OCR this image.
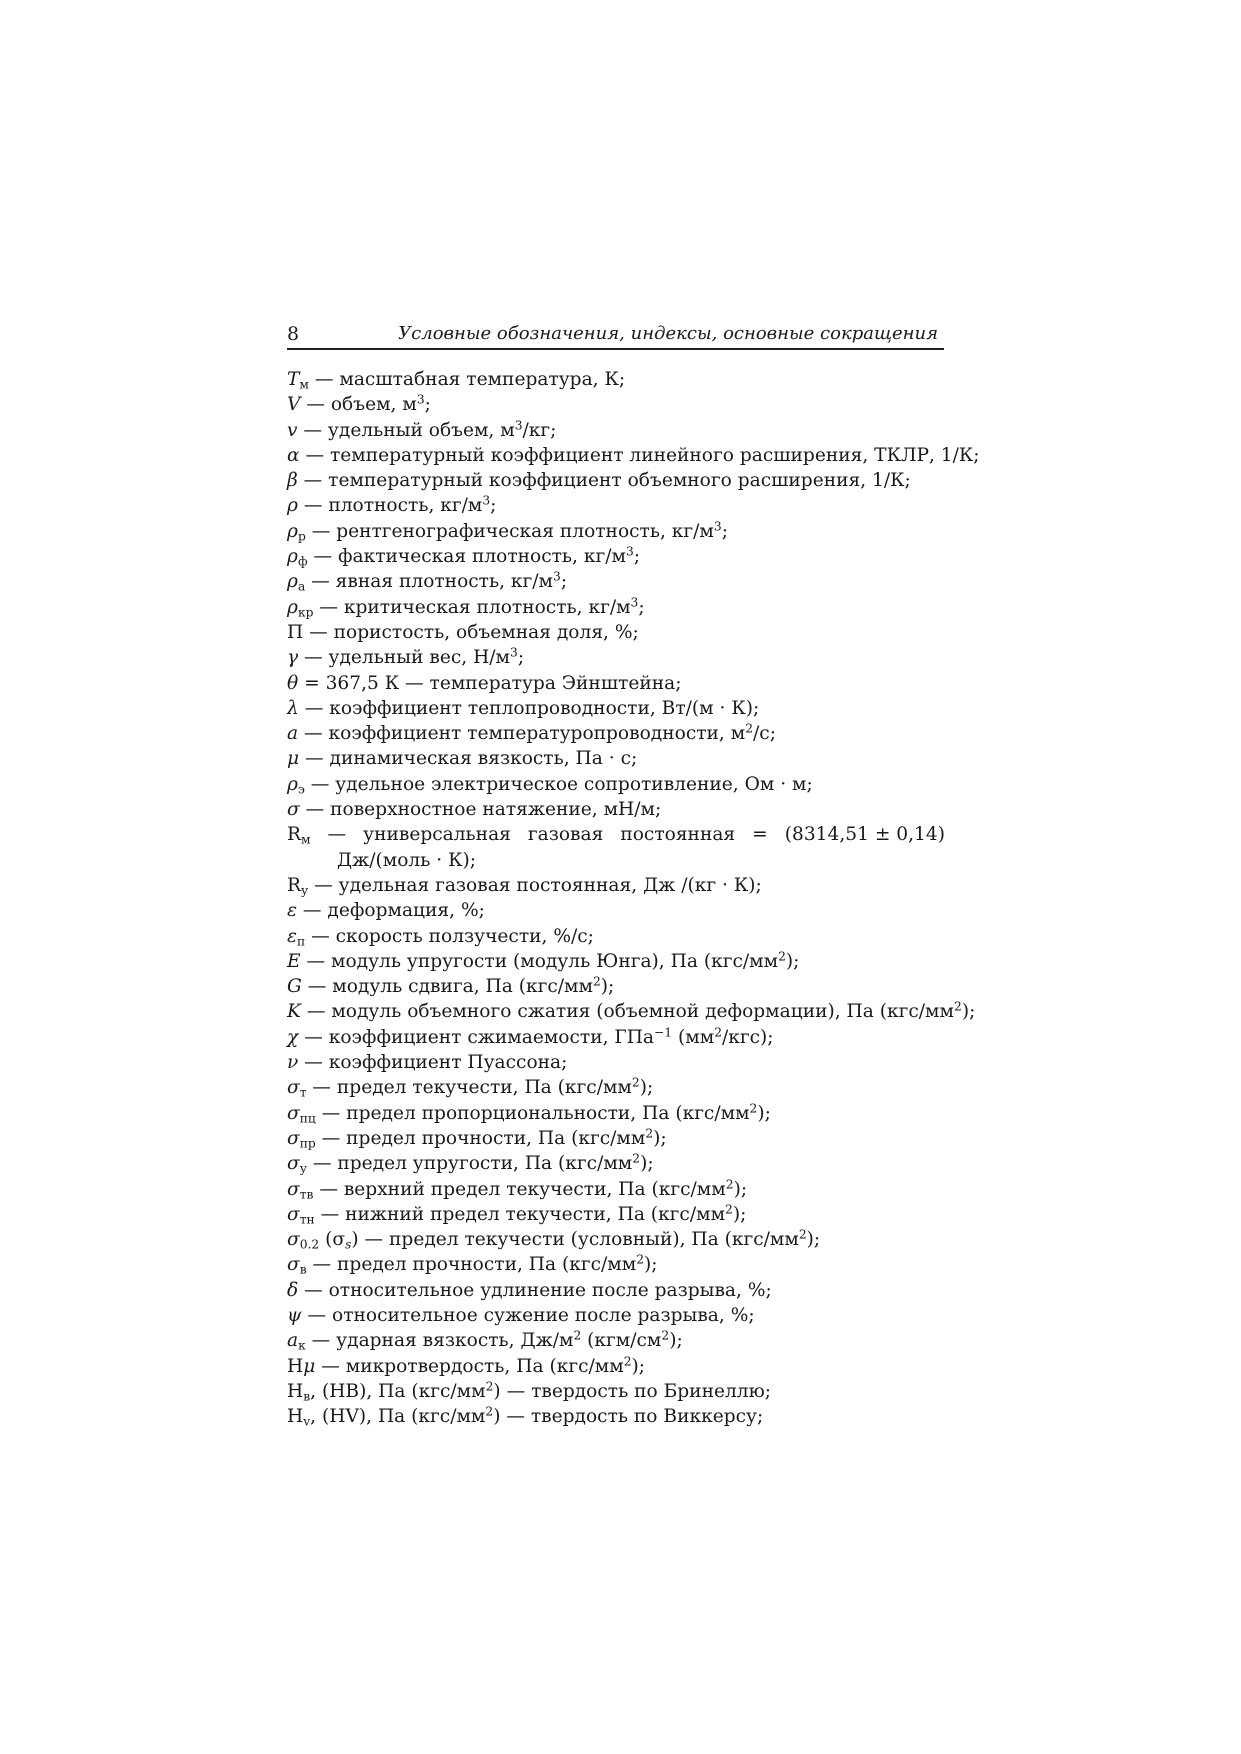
8	Условные обозначения, индексы, основные сокращения
$T_м$ — масштабная температура, К;
V — объем, $м^3$;
v — удельный объем, $м^3/кг$;
α — температурный коэффициент линейного расширения, ТКЛР, 1/К;
β — температурный коэффициент объемного расширения, 1/К;
ρ — плотность, $кг/м^3$;
$\rho_р$ — рентгенографическая плотность, $кг/м^3$;
$\rho_ф$ — фактическая плотность, $кг/м^3$;
$\rho_а$ — явная плотность, $кг/м^3$;
$\rho_{кр}$ — критическая плотность, $кг/м^3$;
П — пористость, объемная доля, %;
γ — удельный вес, $Н/м^3$;
θ = 367,5 К — температура Эйнштейна;
λ — коэффициент теплопроводности, Вт/(м · К);
a — коэффициент температуропроводности, $м^2/с$;
μ — динамическая вязкость, Па · с;
$\rho_э$ — удельное электрическое сопротивление, Ом · м;
σ — поверхностное натяжение, мН/м;
$R_м$ — универсальная газовая постоянная = (8314,51 ± 0,14)
Дж/(моль · К);
$R_у$ — удельная газовая постоянная, Дж /(кг · К);
ε — деформация, %;
$\varepsilon_п$ — скорость ползучести, %/с;
E — модуль упругости (модуль Юнга), Па $(кгс/мм^2)$;
G — модуль сдвига, Па $(кгс/мм^2)$;
K — модуль объемного сжатия (объемной деформации), Па $(кгс/мм^2)$;
χ — коэффициент сжимаемости, ГПа$^{-1}$ $(мм^2/кгс)$;
ν — коэффициент Пуассона;
$\sigma_т$ — предел текучести, Па $(кгс/мм^2)$;
$\sigma_{пц}$ — предел пропорциональности, Па $(кгс/мм^2)$;
$\sigma_{пр}$ — предел прочности, Па $(кгс/мм^2)$;
$\sigma_у$ — предел упругости, Па $(кгс/мм^2)$;
$\sigma_{тв}$ — верхний предел текучести, Па $(кгс/мм^2)$;
$\sigma_{тн}$ — нижний предел текучести, Па $(кгс/мм^2)$;
$\sigma_{0.2}$ $(\sigma_s)$ — предел текучести (условный), Па $(кгс/мм^2)$;
$\sigma_в$ — предел прочности, Па $(кгс/мм^2)$;
δ — относительное удлинение после разрыва, %;
ψ — относительное сужение после разрыва, %;
$a_к$ — ударная вязкость, $Дж/м^2$ $(кгм/см^2)$;
Hμ — микротвердость, Па $(кгс/мм^2)$;
$H_в$, (HB), Па $(кгс/мм^2)$ — твердость по Бринеллю;
$H_v$, (HV), Па $(кгс/мм^2)$ — твердость по Виккерсу;
